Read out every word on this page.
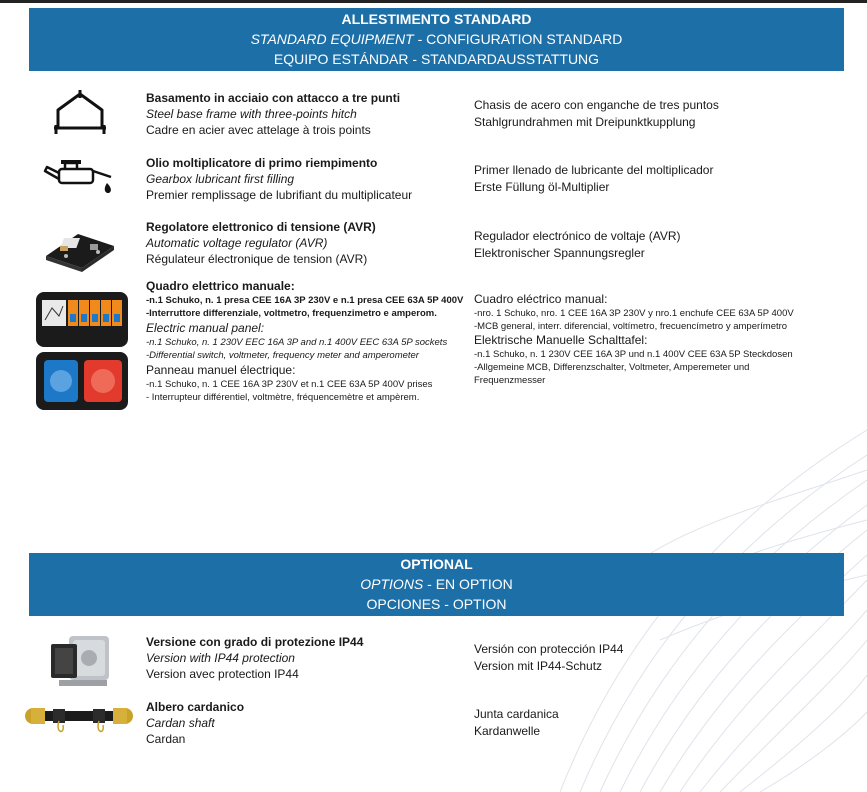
ALLESTIMENTO STANDARD
STANDARD EQUIPMENT - CONFIGURATION STANDARD
EQUIPO ESTÁNDAR - STANDARDAUSSTATTUNG
Basamento in acciaio con attacco a tre punti
Steel base frame with three-points hitch
Cadre en acier avec attelage à trois points
Chasis de acero con enganche de tres puntos
Stahlgrundrahmen mit Dreipunktkupplung
Olio moltiplicatore di primo riempimento
Gearbox lubricant first filling
Premier remplissage de lubrifiant du multiplicateur
Primer llenado de lubricante del moltiplicador
Erste Füllung öl-Multiplier
Regolatore elettronico di tensione (AVR)
Automatic voltage regulator (AVR)
Régulateur électronique de tension (AVR)
Regulador electrónico de voltaje (AVR)
Elektronischer Spannungsregler
Quadro elettrico manuale:
-n.1 Schuko, n. 1 presa CEE 16A 3P 230V e n.1 presa CEE 63A 5P 400V
-Interruttore differenziale, voltmetro, frequenzimetro e amperom.
Electric manual panel:
-n.1 Schuko, n. 1 230V EEC 16A 3P and n.1 400V EEC 63A 5P sockets
-Differential switch, voltmeter, frequency meter and amperometer
Panneau manuel électrique:
-n.1 Schuko, n. 1 CEE 16A 3P 230V et n.1 CEE 63A 5P 400V prises
- Interrupteur différentiel, voltmètre, fréquencemètre et ampèrem.
Cuadro eléctrico manual:
-nro. 1 Schuko, nro. 1 CEE 16A 3P 230V y nro.1 enchufe CEE 63A 5P 400V
-MCB general, interr. diferencial, voltímetro, frecuencímetro y amperímetro
Elektrische Manuelle Schalttafel:
-n.1 Schuko, n. 1 230V CEE 16A 3P und n.1 400V CEE 63A 5P Steckdosen
-Allgemeine MCB, Differenzschalter, Voltmeter, Amperemeter und
Frequenzmesser
OPTIONAL
OPTIONS - EN OPTION
OPCIONES - OPTION
Versione con grado di protezione IP44
Version with IP44 protection
Version avec protection IP44
Versión con protección IP44
Version mit IP44-Schutz
Albero cardanico
Cardan shaft
Cardan
Junta cardanica
Kardanwelle
